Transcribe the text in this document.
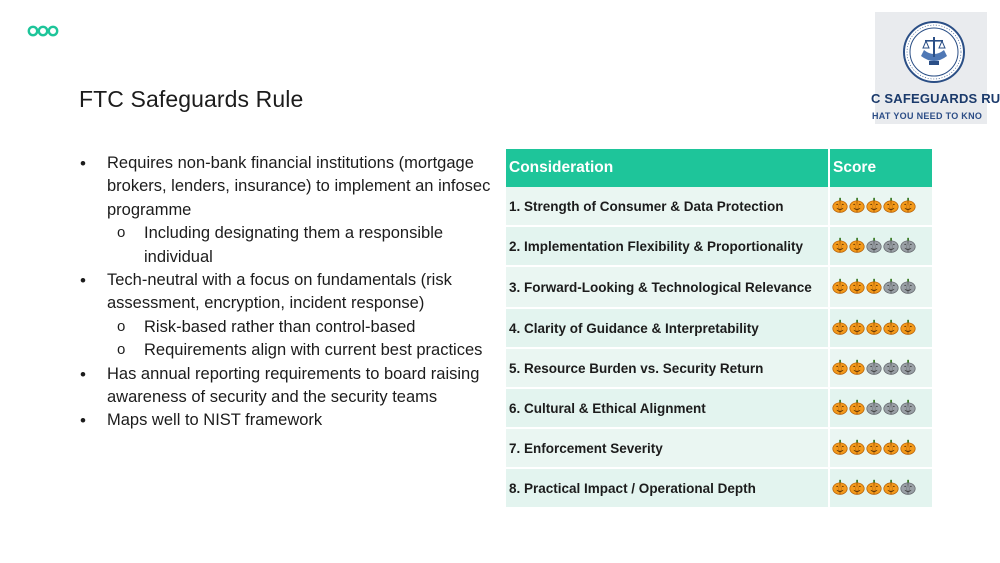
FTC Safeguards Rule
• Requires non-bank financial institutions (mortgage brokers, lenders, insurance) to implement an infosec programme
o Including designating them a responsible individual
• Tech-neutral with a focus on fundamentals (risk assessment, encryption, incident response)
o Risk-based rather than control-based
o Requirements align with current best practices
• Has annual reporting requirements to board raising awareness of security and the security teams
• Maps well to NIST framework
C SAFEGUARDS RU
HAT YOU NEED TO KNO
Consideration	Score
1. Strength of Consumer & Data Protection	

2. Implementation Flexibility & Proportionality	

3. Forward-Looking & Technological Relevance	

4. Clarity of Guidance & Interpretability	

5. Resource Burden vs. Security Return	

6. Cultural & Ethical Alignment	

7. Enforcement Severity	

8. Practical Impact / Operational Depth	
